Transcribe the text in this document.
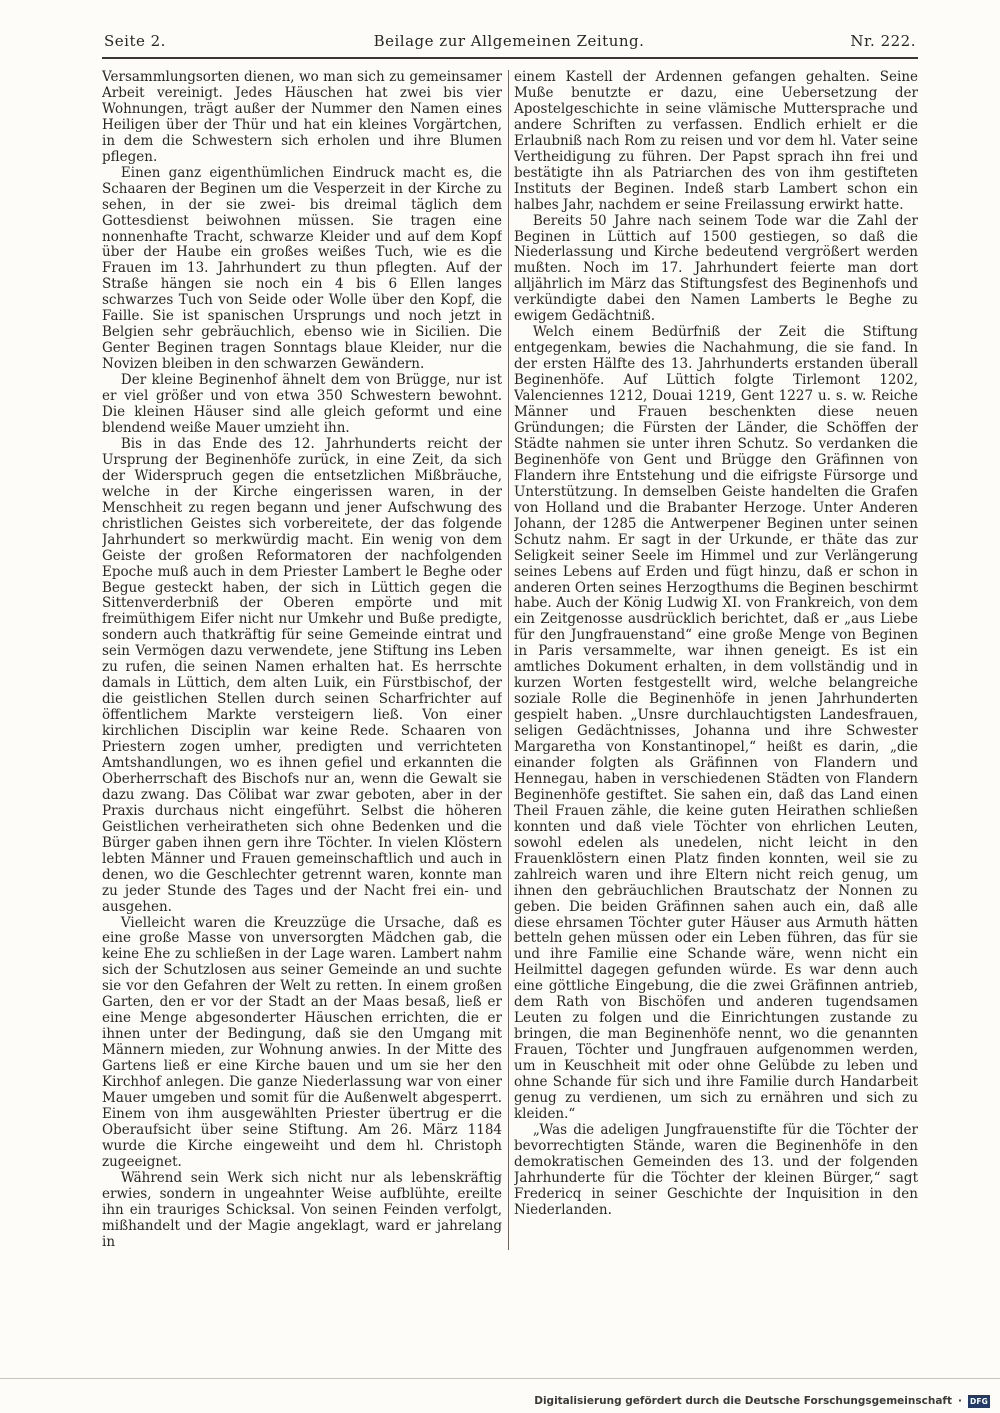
Beilage zur Allgemeinen Zeitung.
Seite 2.	Nr. 222.

Versammlungsorten dienen, wo man sich zu gemeinsamer Arbeit vereinigt. Jedes Häuschen hat zwei bis vier Wohnungen, trägt außer der Nummer den Namen eines Heiligen über der Thür und hat ein kleines Vorgärtchen, in dem die Schwestern sich erholen und ihre Blumen pflegen.

Einen ganz eigenthümlichen Eindruck macht es, die Schaaren der Beginen um die Vesperzeit in der Kirche zu sehen, in der sie zwei- bis dreimal täglich dem Gottesdienst beiwohnen müssen. Sie tragen eine nonnenhafte Tracht, schwarze Kleider und auf dem Kopf über der Haube ein großes weißes Tuch, wie es die Frauen im 13. Jahrhundert zu thun pflegten. Auf der Straße hängen sie noch ein 4 bis 6 Ellen langes schwarzes Tuch von Seide oder Wolle über den Kopf, die Faille. Sie ist spanischen Ursprungs und noch jetzt in Belgien sehr gebräuchlich, ebenso wie in Sicilien. Die Genter Beginen tragen Sonntags blaue Kleider, nur die Novizen bleiben in den schwarzen Gewändern.

Der kleine Beginenhof ähnelt dem von Brügge, nur ist er viel größer und von etwa 350 Schwestern bewohnt. Die kleinen Häuser sind alle gleich geformt und eine blendend weiße Mauer umzieht ihn.

Bis in das Ende des 12. Jahrhunderts reicht der Ursprung der Beginenhöfe zurück, in eine Zeit, da sich der Widerspruch gegen die entsetzlichen Mißbräuche, welche in der Kirche eingerissen waren, in der Menschheit zu regen begann und jener Aufschwung des christlichen Geistes sich vorbereitete, der das folgende Jahrhundert so merkwürdig macht. Ein wenig von dem Geiste der großen Reformatoren der nachfolgenden Epoche muß auch in dem Priester Lambert le Beghe oder Begue gesteckt haben, der sich in Lüttich gegen die Sittenverderbniß der Oberen empörte und mit freimüthigem Eifer nicht nur Umkehr und Buße predigte, sondern auch thatkräftig für seine Gemeinde eintrat und sein Vermögen dazu verwendete, jene Stiftung ins Leben zu rufen, die seinen Namen erhalten hat. Es herrschte damals in Lüttich, dem alten Luik, ein Fürstbischof, der die geistlichen Stellen durch seinen Scharfrichter auf öffentlichem Markte versteigern ließ. Von einer kirchlichen Disciplin war keine Rede. Schaaren von Priestern zogen umher, predigten und verrichteten Amtshandlungen, wo es ihnen gefiel und erkannten die Oberherrschaft des Bischofs nur an, wenn die Gewalt sie dazu zwang. Das Cölibat war zwar geboten, aber in der Praxis durchaus nicht eingeführt. Selbst die höheren Geistlichen verheiratheten sich ohne Bedenken und die Bürger gaben ihnen gern ihre Töchter. In vielen Klöstern lebten Männer und Frauen gemeinschaftlich und auch in denen, wo die Geschlechter getrennt waren, konnte man zu jeder Stunde des Tages und der Nacht frei ein- und ausgehen.

Vielleicht waren die Kreuzzüge die Ursache, daß es eine große Masse von unversorgten Mädchen gab, die keine Ehe zu schließen in der Lage waren. Lambert nahm sich der Schutzlosen aus seiner Gemeinde an und suchte sie vor den Gefahren der Welt zu retten. In einem großen Garten, den er vor der Stadt an der Maas besaß, ließ er eine Menge abgesonderter Häuschen errichten, die er ihnen unter der Bedingung, daß sie den Umgang mit Männern mieden, zur Wohnung anwies. In der Mitte des Gartens ließ er eine Kirche bauen und um sie her den Kirchhof anlegen. Die ganze Niederlassung war von einer Mauer umgeben und somit für die Außenwelt abgesperrt. Einem von ihm ausgewählten Priester übertrug er die Oberaufsicht über seine Stiftung. Am 26. März 1184 wurde die Kirche eingeweiht und dem hl. Christoph zugeeignet.

Während sein Werk sich nicht nur als lebenskräftig erwies, sondern in ungeahnter Weise aufblühte, ereilte ihn ein trauriges Schicksal. Von seinen Feinden verfolgt, mißhandelt und der Magie angeklagt, ward er jahrelang in

einem Kastell der Ardennen gefangen gehalten. Seine Muße benutzte er dazu, eine Uebersetzung der Apostelgeschichte in seine vlämische Muttersprache und andere Schriften zu verfassen. Endlich erhielt er die Erlaubniß nach Rom zu reisen und vor dem hl. Vater seine Vertheidigung zu führen. Der Papst sprach ihn frei und bestätigte ihn als Patriarchen des von ihm gestifteten Instituts der Beginen. Indeß starb Lambert schon ein halbes Jahr, nachdem er seine Freilassung erwirkt hatte.

Bereits 50 Jahre nach seinem Tode war die Zahl der Beginen in Lüttich auf 1500 gestiegen, so daß die Niederlassung und Kirche bedeutend vergrößert werden mußten. Noch im 17. Jahrhundert feierte man dort alljährlich im März das Stiftungsfest des Beginenhofs und verkündigte dabei den Namen Lamberts le Beghe zu ewigem Gedächtniß.

Welch einem Bedürfniß der Zeit die Stiftung entgegenkam, bewies die Nachahmung, die sie fand. In der ersten Hälfte des 13. Jahrhunderts erstanden überall Beginenhöfe. Auf Lüttich folgte Tirlemont 1202, Valenciennes 1212, Douai 1219, Gent 1227 u. s. w. Reiche Männer und Frauen beschenkten diese neuen Gründungen; die Fürsten der Länder, die Schöffen der Städte nahmen sie unter ihren Schutz. So verdanken die Beginenhöfe von Gent und Brügge den Gräfinnen von Flandern ihre Entstehung und die eifrigste Fürsorge und Unterstützung. In demselben Geiste handelten die Grafen von Holland und die Brabanter Herzoge. Unter Anderen Johann, der 1285 die Antwerpener Beginen unter seinen Schutz nahm. Er sagt in der Urkunde, er thäte das zur Seligkeit seiner Seele im Himmel und zur Verlängerung seines Lebens auf Erden und fügt hinzu, daß er schon in anderen Orten seines Herzogthums die Beginen beschirmt habe. Auch der König Ludwig XI. von Frankreich, von dem ein Zeitgenosse ausdrücklich berichtet, daß er „aus Liebe für den Jungfrauenstand“ eine große Menge von Beginen in Paris versammelte, war ihnen geneigt. Es ist ein amtliches Dokument erhalten, in dem vollständig und in kurzen Worten festgestellt wird, welche belangreiche soziale Rolle die Beginenhöfe in jenen Jahrhunderten gespielt haben. „Unsre durchlauchtigsten Landesfrauen, seligen Gedächtnisses, Johanna und ihre Schwester Margaretha von Konstantinopel,“ heißt es darin, „die einander folgten als Gräfinnen von Flandern und Hennegau, haben in verschiedenen Städten von Flandern Beginenhöfe gestiftet. Sie sahen ein, daß das Land einen Theil Frauen zähle, die keine guten Heirathen schließen konnten und daß viele Töchter von ehrlichen Leuten, sowohl edelen als unedelen, nicht leicht in den Frauenklöstern einen Platz finden konnten, weil sie zu zahlreich waren und ihre Eltern nicht reich genug, um ihnen den gebräuchlichen Brautschatz der Nonnen zu geben. Die beiden Gräfinnen sahen auch ein, daß alle diese ehrsamen Töchter guter Häuser aus Armuth hätten betteln gehen müssen oder ein Leben führen, das für sie und ihre Familie eine Schande wäre, wenn nicht ein Heilmittel dagegen gefunden würde. Es war denn auch eine göttliche Eingebung, die die zwei Gräfinnen antrieb, dem Rath von Bischöfen und anderen tugendsamen Leuten zu folgen und die Einrichtungen zustande zu bringen, die man Beginenhöfe nennt, wo die genannten Frauen, Töchter und Jungfrauen aufgenommen werden, um in Keuschheit mit oder ohne Gelübde zu leben und ohne Schande für sich und ihre Familie durch Handarbeit genug zu verdienen, um sich zu ernähren und sich zu kleiden.“

„Was die adeligen Jungfrauenstifte für die Töchter der bevorrechtigten Stände, waren die Beginenhöfe in den demokratischen Gemeinden des 13. und der folgenden Jahrhunderte für die Töchter der kleinen Bürger,“ sagt Fredericq in seiner Geschichte der Inquisition in den Niederlanden.

Digitalisierung gefördert durch die Deutsche Forschungsgemeinschaft · DFG
